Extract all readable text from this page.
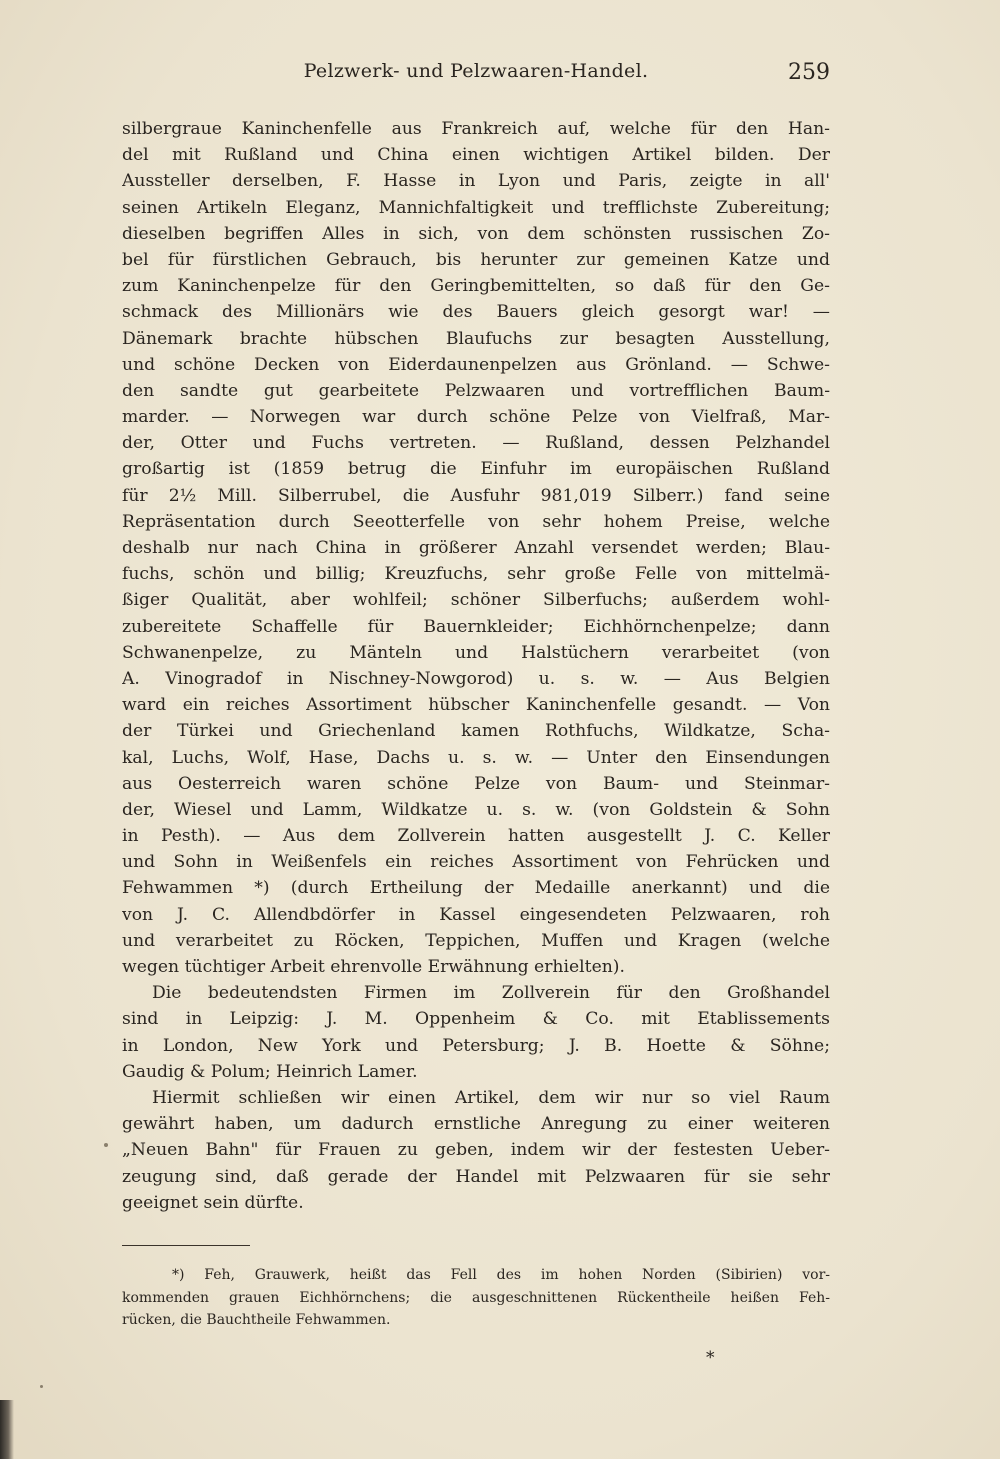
Pelzwerk- und Pelzwaaren-Handel.	259
silbergraue Kaninchenfelle aus Frankreich auf, welche für den Han-
del mit Rußland und China einen wichtigen Artikel bilden. Der
Aussteller derselben, F. Hasse in Lyon und Paris, zeigte in all'
seinen Artikeln Eleganz, Mannichfaltigkeit und trefflichste Zubereitung;
dieselben begriffen Alles in sich, von dem schönsten russischen Zo-
bel für fürstlichen Gebrauch, bis herunter zur gemeinen Katze und
zum Kaninchenpelze für den Geringbemittelten, so daß für den Ge-
schmack des Millionärs wie des Bauers gleich gesorgt war! —
Dänemark brachte hübschen Blaufuchs zur besagten Ausstellung,
und schöne Decken von Eiderdaunenpelzen aus Grönland. — Schwe-
den sandte gut gearbeitete Pelzwaaren und vortrefflichen Baum-
marder. — Norwegen war durch schöne Pelze von Vielfraß, Mar-
der, Otter und Fuchs vertreten. — Rußland, dessen Pelzhandel
großartig ist (1859 betrug die Einfuhr im europäischen Rußland
für 2½ Mill. Silberrubel, die Ausfuhr 981,019 Silberr.) fand seine
Repräsentation durch Seeotterfelle von sehr hohem Preise, welche
deshalb nur nach China in größerer Anzahl versendet werden; Blau-
fuchs, schön und billig; Kreuzfuchs, sehr große Felle von mittelmä-
ßiger Qualität, aber wohlfeil; schöner Silberfuchs; außerdem wohl-
zubereitete Schaffelle für Bauernkleider; Eichhörnchenpelze; dann
Schwanenpelze, zu Mänteln und Halstüchern verarbeitet (von
A. Vinogradof in Nischney-Nowgorod) u. s. w. — Aus Belgien
ward ein reiches Assortiment hübscher Kaninchenfelle gesandt. — Von
der Türkei und Griechenland kamen Rothfuchs, Wildkatze, Scha-
kal, Luchs, Wolf, Hase, Dachs u. s. w. — Unter den Einsendungen
aus Oesterreich waren schöne Pelze von Baum- und Steinmar-
der, Wiesel und Lamm, Wildkatze u. s. w. (von Goldstein & Sohn
in Pesth). — Aus dem Zollverein hatten ausgestellt J. C. Keller
und Sohn in Weißenfels ein reiches Assortiment von Fehrücken und
Fehwammen *) (durch Ertheilung der Medaille anerkannt) und die
von J. C. Allendbdörfer in Kassel eingesendeten Pelzwaaren, roh
und verarbeitet zu Röcken, Teppichen, Muffen und Kragen (welche
wegen tüchtiger Arbeit ehrenvolle Erwähnung erhielten).
Die bedeutendsten Firmen im Zollverein für den Großhandel
sind in Leipzig: J. M. Oppenheim & Co. mit Etablissements
in London, New York und Petersburg; J. B. Hoette & Söhne;
Gaudig & Polum; Heinrich Lamer.
Hiermit schließen wir einen Artikel, dem wir nur so viel Raum
gewährt haben, um dadurch ernstliche Anregung zu einer weiteren
„Neuen Bahn" für Frauen zu geben, indem wir der festesten Ueber-
zeugung sind, daß gerade der Handel mit Pelzwaaren für sie sehr
geeignet sein dürfte.
*) Feh, Grauwerk, heißt das Fell des im hohen Norden (Sibirien) vor-
kommenden grauen Eichhörnchens; die ausgeschnittenen Rückentheile heißen Feh-
rücken, die Bauchtheile Fehwammen.
*
